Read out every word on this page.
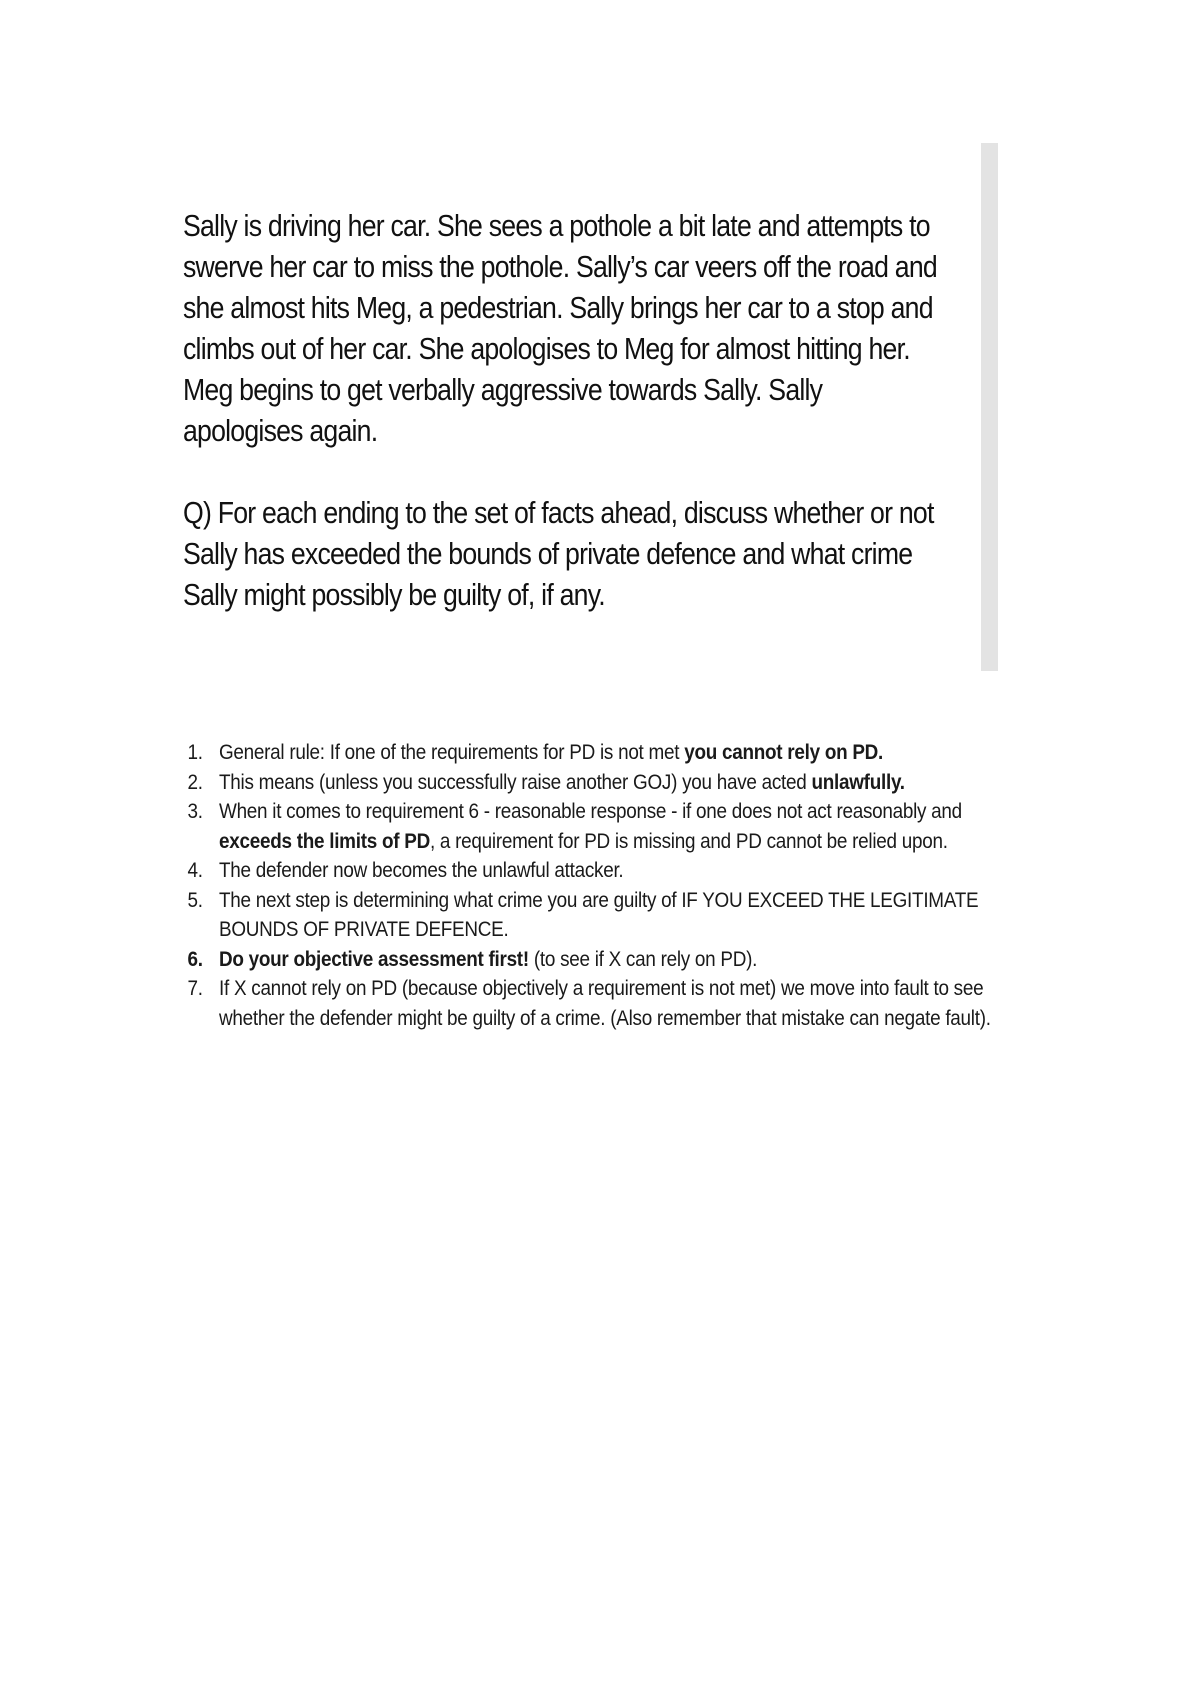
Sally is driving her car. She sees a pothole a bit late and attempts to
swerve her car to miss the pothole. Sally’s car veers off the road and
she almost hits Meg, a pedestrian. Sally brings her car to a stop and
climbs out of her car. She apologises to Meg for almost hitting her.
Meg begins to get verbally aggressive towards Sally. Sally
apologises again.

Q) For each ending to the set of facts ahead, discuss whether or not
Sally has exceeded the bounds of private defence and what crime
Sally might possibly be guilty of, if any.

1. General rule: If one of the requirements for PD is not met you cannot rely on PD.
2. This means (unless you successfully raise another GOJ) you have acted unlawfully.
3. When it comes to requirement 6 - reasonable response - if one does not act reasonably and exceeds the limits of PD, a requirement for PD is missing and PD cannot be relied upon.
4. The defender now becomes the unlawful attacker.
5. The next step is determining what crime you are guilty of IF YOU EXCEED THE LEGITIMATE BOUNDS OF PRIVATE DEFENCE.
6. Do your objective assessment first! (to see if X can rely on PD).
7. If X cannot rely on PD (because objectively a requirement is not met) we move into fault to see whether the defender might be guilty of a crime. (Also remember that mistake can negate fault).
